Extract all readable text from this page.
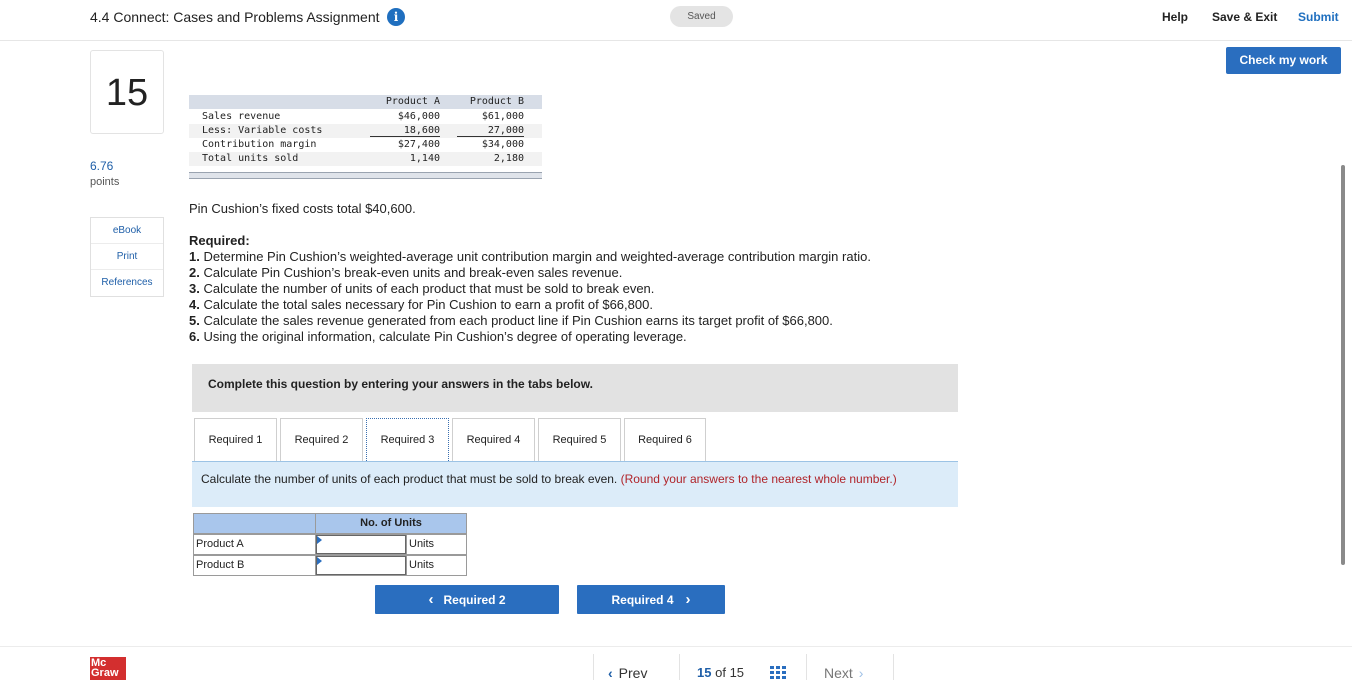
4.4 Connect: Cases and Problems Assignment	i	Saved	Help Save & Exit Submit
Check my work
15
6.76
points
eBook
Print
References
Product A	Product B
Sales revenue	$46,000	$61,000
Less: Variable costs	18,600	27,000
Contribution margin	$27,400	$34,000
Total units sold	1,140	2,180
Pin Cushion’s fixed costs total $40,600.
Required:
1. Determine Pin Cushion’s weighted-average unit contribution margin and weighted-average contribution margin ratio.
2. Calculate Pin Cushion’s break-even units and break-even sales revenue.
3. Calculate the number of units of each product that must be sold to break even.
4. Calculate the total sales necessary for Pin Cushion to earn a profit of $66,800.
5. Calculate the sales revenue generated from each product line if Pin Cushion earns its target profit of $66,800.
6. Using the original information, calculate Pin Cushion’s degree of operating leverage.
Complete this question by entering your answers in the tabs below.
Required 1	Required 2	Required 3	Required 4	Required 5	Required 6
Calculate the number of units of each product that must be sold to break even. (Round your answers to the nearest whole number.)
No. of Units
Product A	Units
Product B	Units
‹ Required 2	Required 4 ›
Mc
Graw	‹ Prev	15 of 15	Next ›
